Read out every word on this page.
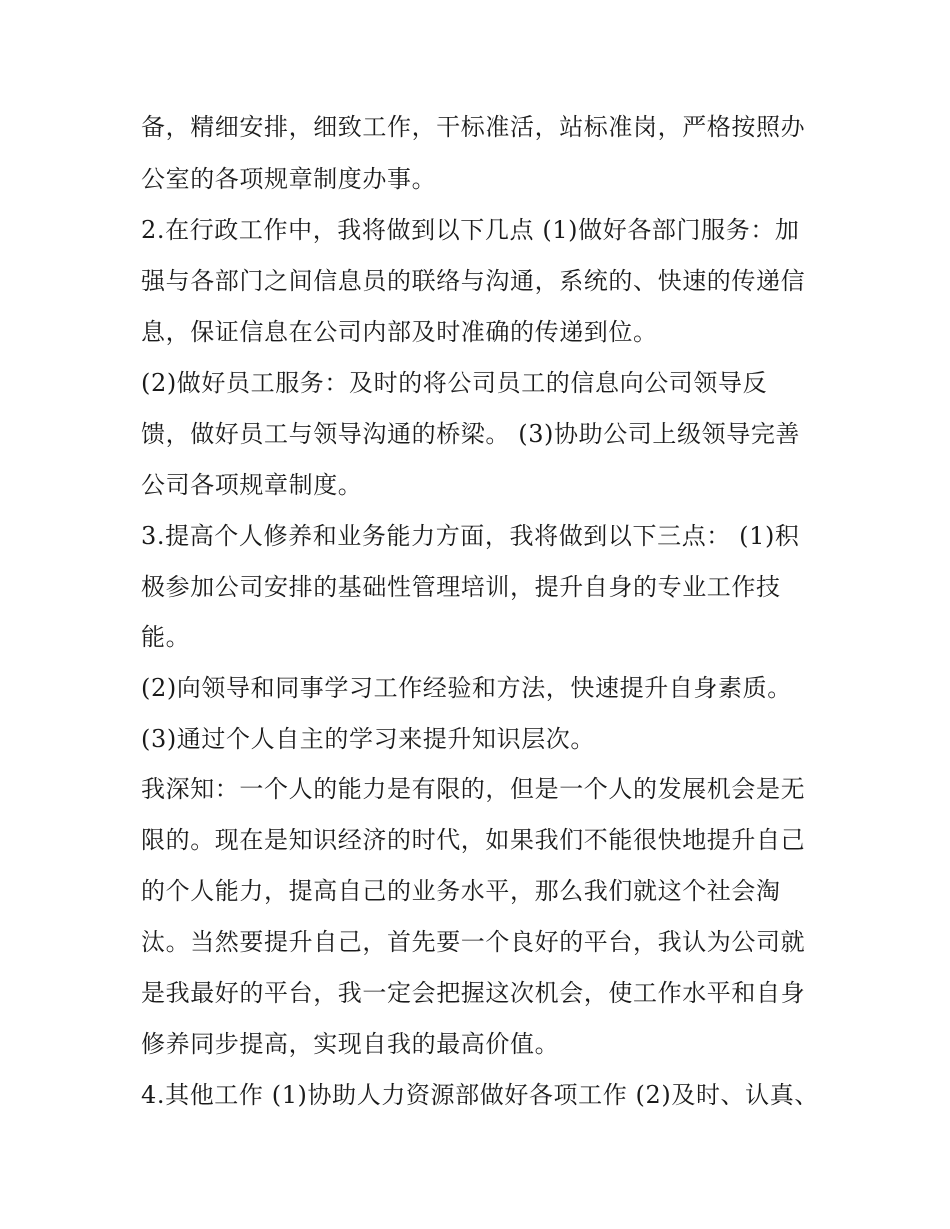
备，精细安排，细致工作，干标准活，站标准岗，严格按照办
公室的各项规章制度办事。
2.在行政工作中，我将做到以下几点 (1)做好各部门服务：加
强与各部门之间信息员的联络与沟通，系统的、快速的传递信
息，保证信息在公司内部及时准确的传递到位。
(2)做好员工服务：及时的将公司员工的信息向公司领导反
馈，做好员工与领导沟通的桥梁。 (3)协助公司上级领导完善
公司各项规章制度。
3.提高个人修养和业务能力方面，我将做到以下三点： (1)积
极参加公司安排的基础性管理培训，提升自身的专业工作技
能。
(2)向领导和同事学习工作经验和方法，快速提升自身素质。
(3)通过个人自主的学习来提升知识层次。
我深知：一个人的能力是有限的，但是一个人的发展机会是无
限的。现在是知识经济的时代，如果我们不能很快地提升自己
的个人能力，提高自己的业务水平，那么我们就这个社会淘
汰。当然要提升自己，首先要一个良好的平台，我认为公司就
是我最好的平台，我一定会把握这次机会，使工作水平和自身
修养同步提高，实现自我的最高价值。
4.其他工作 (1)协助人力资源部做好各项工作 (2)及时、认真、
